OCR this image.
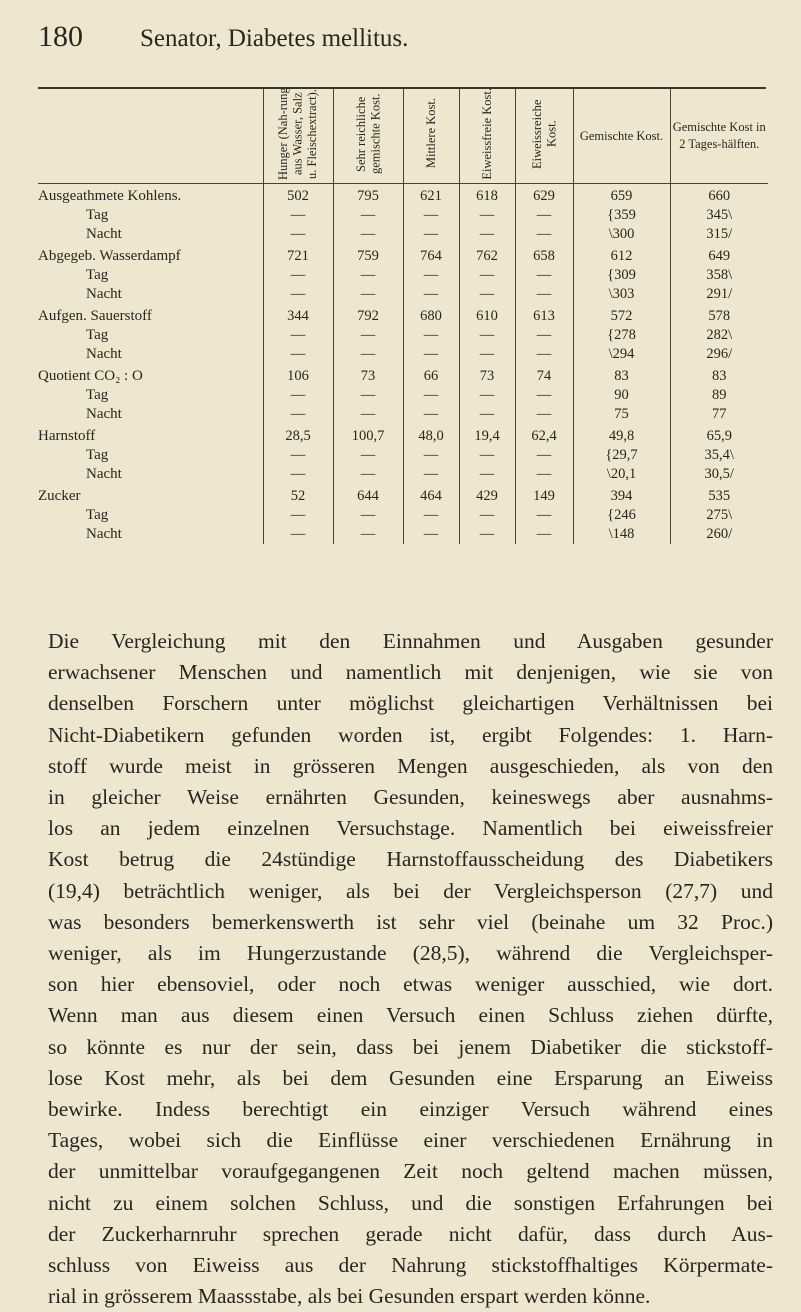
180 Senator, Diabetes mellitus.
	Hunger (Nah-rung aus Wasser, Salz u. Fleischextract).	Sehr reichliche gemischte Kost.	Mittlere Kost.	Eiweissfreie Kost.	Eiweissreiche Kost.	Gemischte Kost.	Gemischte Kost in 2 Tages-hälften.
Ausgeathmete Kohlens.	502	795	621	618	629	659	660
Tag	—	—	—	—	—	{359	345\
Nacht	—	—	—	—	—	\300	315/
Abgegeb. Wasserdampf	721	759	764	762	658	612	649
Tag	—	—	—	—	—	{309	358\
Nacht	—	—	—	—	—	\303	291/
Aufgen. Sauerstoff	344	792	680	610	613	572	578
Tag	—	—	—	—	—	{278	282\
Nacht	—	—	—	—	—	\294	296/
Quotient CO₂ : O	106	73	66	73	74	83	83
Tag	—	—	—	—	—	90	89
Nacht	—	—	—	—	—	75	77
Harnstoff	28,5	100,7	48,0	19,4	62,4	49,8	65,9
Tag	—	—	—	—	—	{29,7	35,4\
Nacht	—	—	—	—	—	\20,1	30,5/
Zucker	52	644	464	429	149	394	535
Tag	—	—	—	—	—	{246	275\
Nacht	—	—	—	—	—	\148	260/
Die Vergleichung mit den Einnahmen und Ausgaben gesunder
erwachsener Menschen und namentlich mit denjenigen, wie sie von
denselben Forschern unter möglichst gleichartigen Verhältnissen bei
Nicht-Diabetikern gefunden worden ist, ergibt Folgendes: 1. Harn-
stoff wurde meist in grösseren Mengen ausgeschieden, als von den
in gleicher Weise ernährten Gesunden, keineswegs aber ausnahms-
los an jedem einzelnen Versuchstage. Namentlich bei eiweissfreier
Kost betrug die 24stündige Harnstoffausscheidung des Diabetikers
(19,4) beträchtlich weniger, als bei der Vergleichsperson (27,7) und
was besonders bemerkenswerth ist sehr viel (beinahe um 32 Proc.)
weniger, als im Hungerzustande (28,5), während die Vergleichsper-
son hier ebensoviel, oder noch etwas weniger ausschied, wie dort.
Wenn man aus diesem einen Versuch einen Schluss ziehen dürfte,
so könnte es nur der sein, dass bei jenem Diabetiker die stickstoff-
lose Kost mehr, als bei dem Gesunden eine Ersparung an Eiweiss
bewirke. Indess berechtigt ein einziger Versuch während eines
Tages, wobei sich die Einflüsse einer verschiedenen Ernährung in
der unmittelbar voraufgegangenen Zeit noch geltend machen müssen,
nicht zu einem solchen Schluss, und die sonstigen Erfahrungen bei
der Zuckerharnruhr sprechen gerade nicht dafür, dass durch Aus-
schluss von Eiweiss aus der Nahrung stickstoffhaltiges Körpermate-
rial in grösserem Maassstabe, als bei Gesunden erspart werden könne.
